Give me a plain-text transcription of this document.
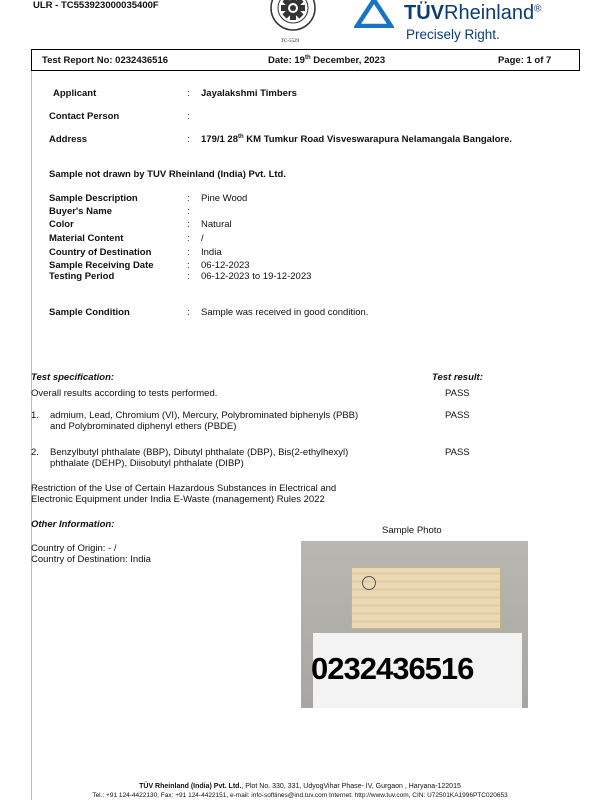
ULR - TC553923000035400F
TC-5529
TÜVRheinland®
Precisely Right.
Test Report No: 0232436516	Date: 19th December, 2023	Page: 1 of 7
Applicant	: Jayalakshmi Timbers
Contact Person	:
Address	: 179/1 28th KM Tumkur Road Visveswarapura Nelamangala Bangalore.
Sample not drawn by TUV Rheinland (India) Pvt. Ltd.
Sample Description	: Pine Wood
Buyer's Name	:
Color	: Natural
Material Content	: /
Country of Destination	: India
Sample Receiving Date	: 06-12-2023
Testing Period	: 06-12-2023 to 19-12-2023
Sample Condition	: Sample was received in good condition.
Test specification:	Test result:
Overall results according to tests performed.	PASS
1. admium, Lead, Chromium (VI), Mercury, Polybrominated biphenyls (PBB)
and Polybrominated diphenyl ethers (PBDE)
PASS
2. Benzylbutyl phthalate (BBP), Dibutyl phthalate (DBP), Bis(2-ethylhexyl)
phthalate (DEHP), Diisobutyl phthalate (DIBP)
PASS
Restriction of the Use of Certain Hazardous Substances in Electrical and
Electronic Equipment under India E-Waste (management) Rules 2022
Other Information:
Country of Origin: - /
Country of Destination: India
Sample Photo
0232436516
TÜV Rheinland (India) Pvt. Ltd., Plot No. 330, 331, UdyogVihar Phase- IV, Gurgaon , Haryana-122015
Tel.: +91 124-4422130; Fax: +91 124-4422151, e-mail: info-softlines@ind.tuv.com Internet: http://www.tuv.com, CIN: U72501KA1996PTC020653
